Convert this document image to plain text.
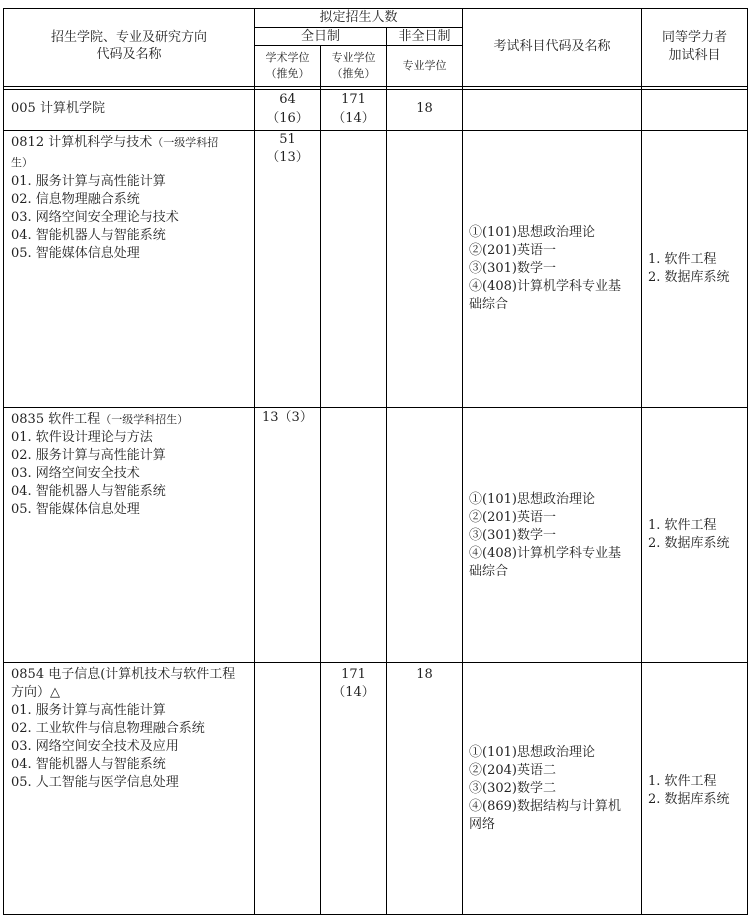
招生学院、专业及研究方向
代码及名称
拟定招生人数
全日制	非全日制
学术学位
（推免）
专业学位
（推免）
专业学位
考试科目代码及名称
同等学力者
加试科目
005 计算机学院
64
（16）
171
（14）
18
0812 计算机科学与技术（一级学科招
生）
01. 服务计算与高性能计算
02. 信息物理融合系统
03. 网络空间安全理论与技术
04. 智能机器人与智能系统
05. 智能媒体信息处理
51
（13）
①(101)思想政治理论
②(201)英语一
③(301)数学一
④(408)计算机学科专业基
础综合
1. 软件工程
2. 数据库系统
0835 软件工程（一级学科招生）
01. 软件设计理论与方法
02. 服务计算与高性能计算
03. 网络空间安全技术
04. 智能机器人与智能系统
05. 智能媒体信息处理
13（3）
①(101)思想政治理论
②(201)英语一
③(301)数学一
④(408)计算机学科专业基
础综合
1. 软件工程
2. 数据库系统
0854 电子信息(计算机技术与软件工程
方向）△
01. 服务计算与高性能计算
02. 工业软件与信息物理融合系统
03. 网络空间安全技术及应用
04. 智能机器人与智能系统
05. 人工智能与医学信息处理
171
（14）
18
①(101)思想政治理论
②(204)英语二
③(302)数学二
④(869)数据结构与计算机
网络
1. 软件工程
2. 数据库系统
